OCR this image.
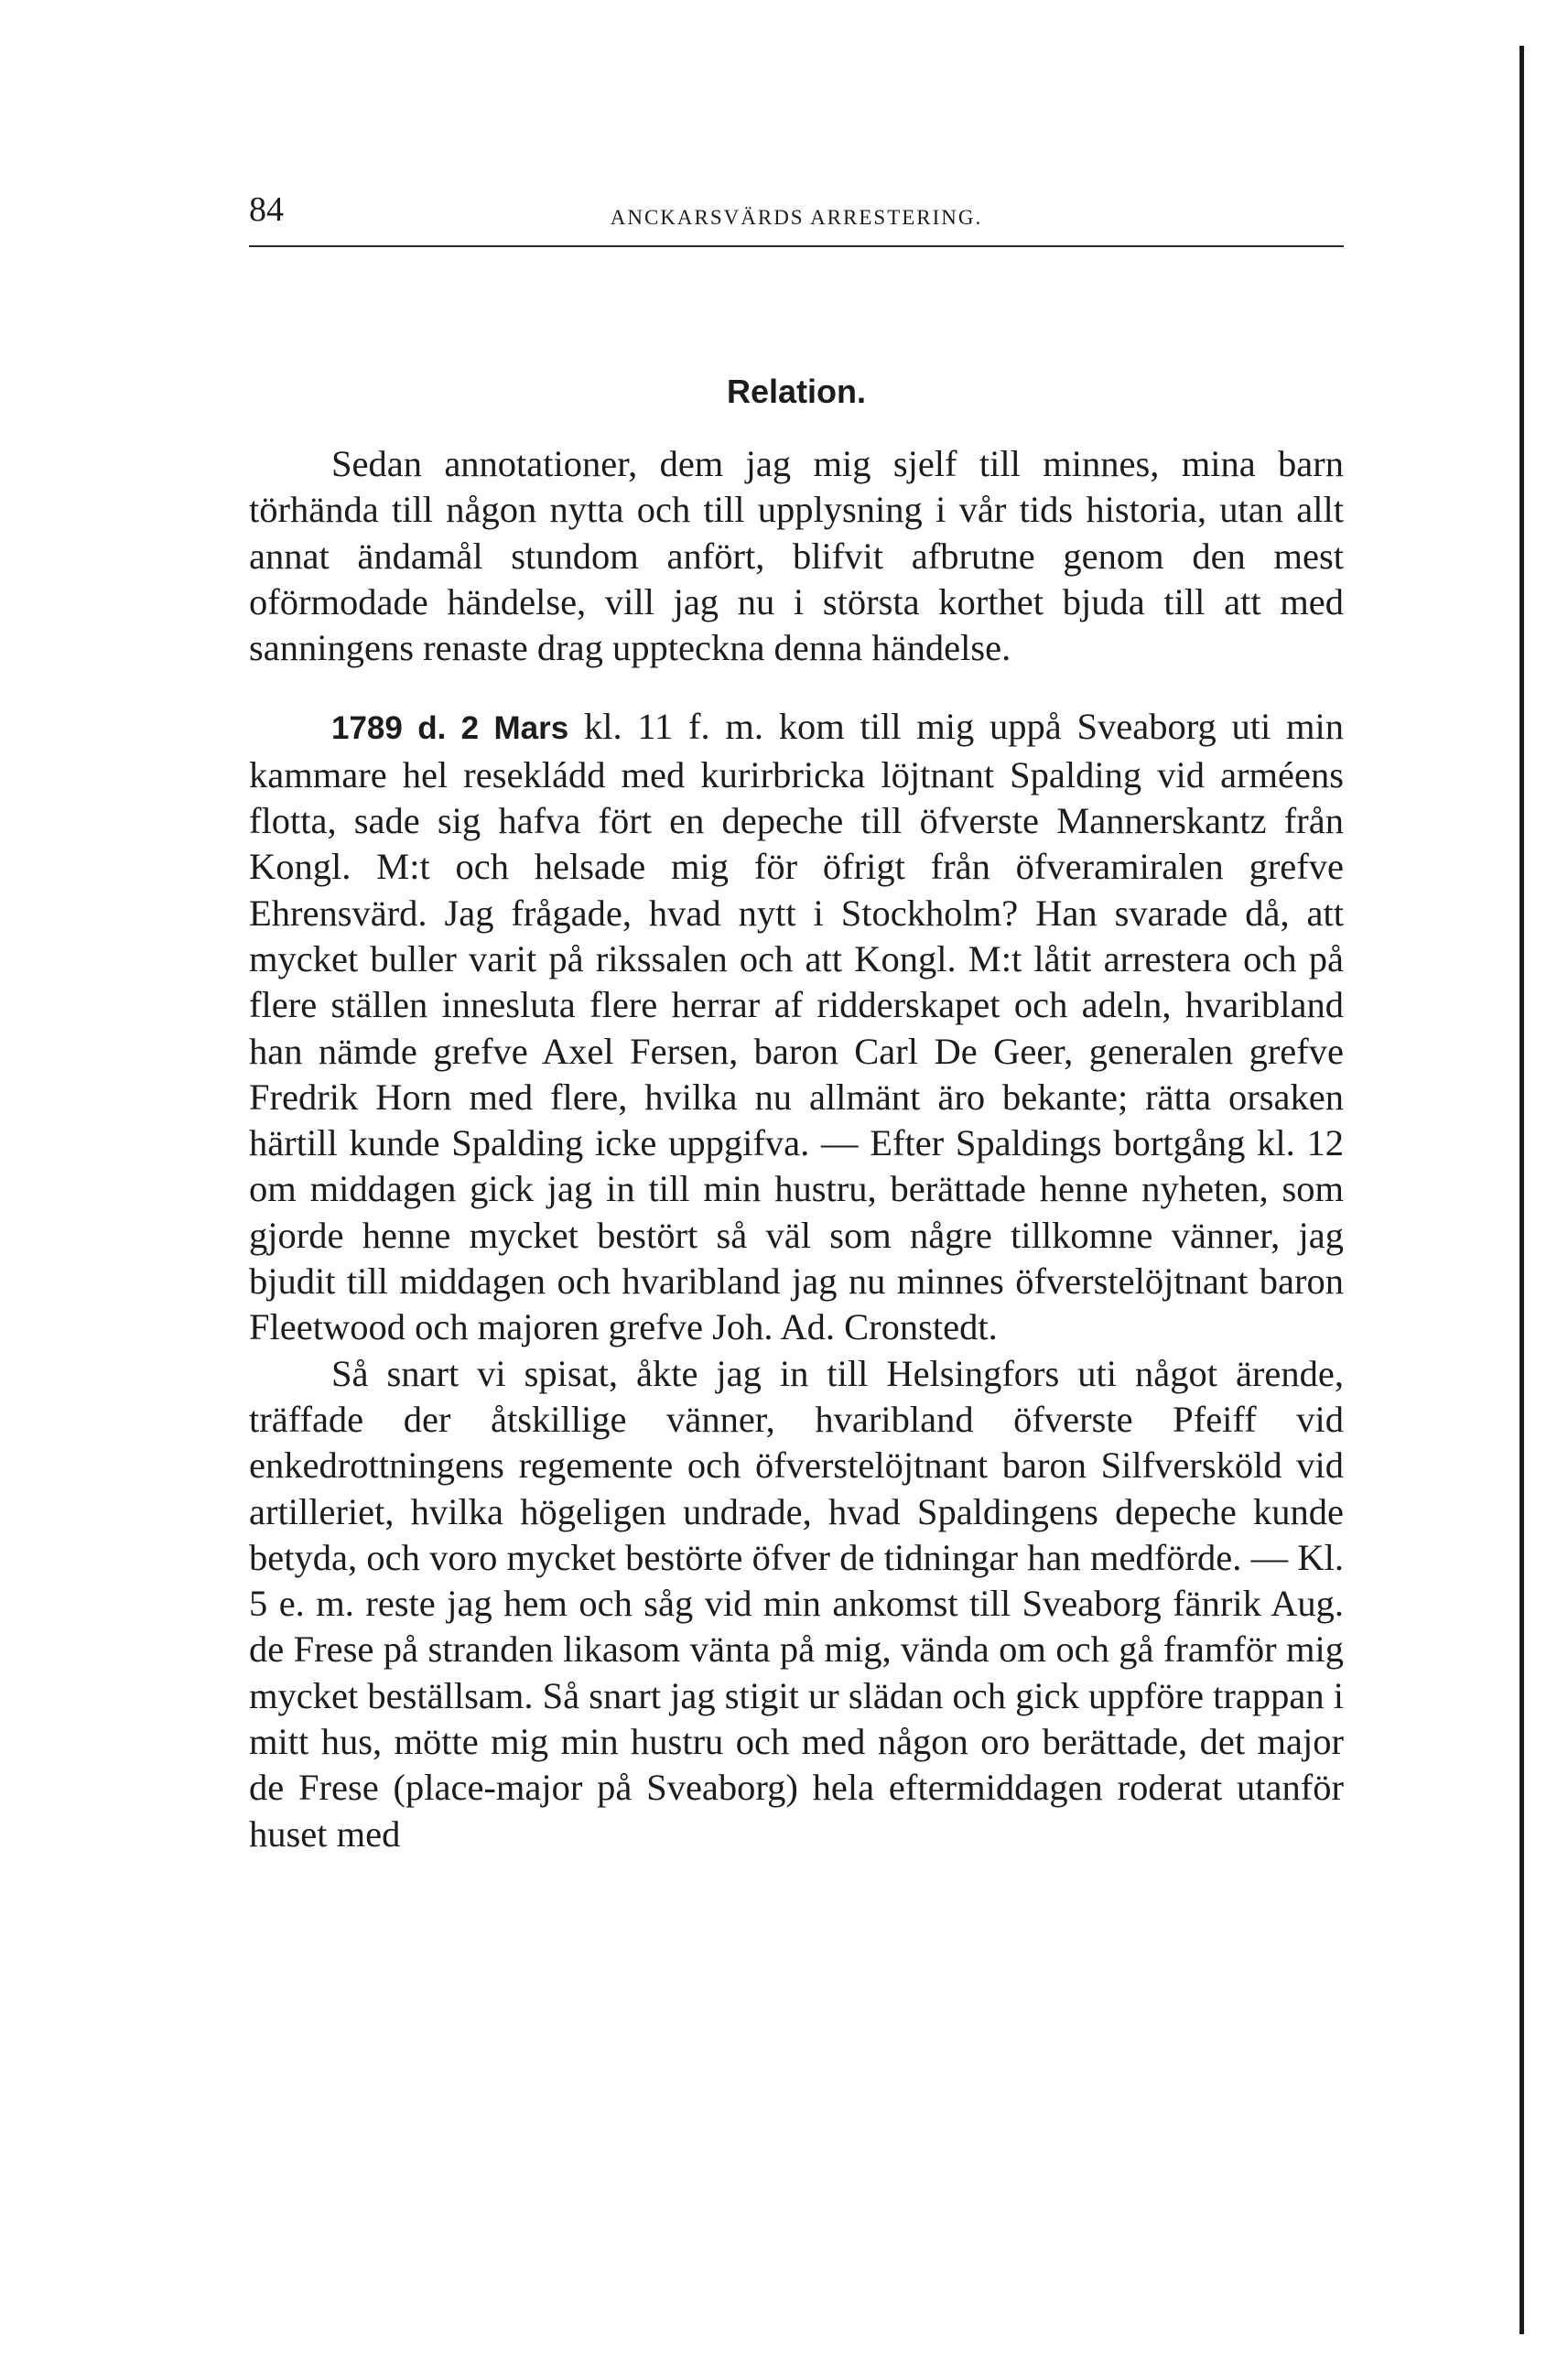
84	ANCKARSVÄRDS ARRESTERING.
Relation.

Sedan annotationer, dem jag mig sjelf till minnes, mina barn törhända till någon nytta och till upplysning i vår tids historia, utan allt annat ändamål stundom anfört, blifvit afbrutne genom den mest oförmodade händelse, vill jag nu i största korthet bjuda till att med sanningens renaste drag uppteckna denna händelse.

1789 d. 2 Mars kl. 11 f. m. kom till mig uppå Sveaborg uti min kammare hel resekládd med kurirbricka löjtnant Spalding vid arméens flotta, sade sig hafva fört en depeche till öfverste Mannerskantz från Kongl. M:t och helsade mig för öfrigt från öfveramiralen grefve Ehrensvärd. Jag frågade, hvad nytt i Stockholm? Han svarade då, att mycket buller varit på rikssalen och att Kongl. M:t låtit arrestera och på flere ställen innesluta flere herrar af ridderskapet och adeln, hvaribland han nämde grefve Axel Fersen, baron Carl De Geer, generalen grefve Fredrik Horn med flere, hvilka nu allmänt äro bekante; rätta orsaken härtill kunde Spalding icke uppgifva. — Efter Spaldings bortgång kl. 12 om middagen gick jag in till min hustru, berättade henne nyheten, som gjorde henne mycket bestört så väl som någre tillkomne vänner, jag bjudit till middagen och hvaribland jag nu minnes öfverstelöjtnant baron Fleetwood och majoren grefve Joh. Ad. Cronstedt.

Så snart vi spisat, åkte jag in till Helsingfors uti något ärende, träffade der åtskillige vänner, hvaribland öfverste Pfeiff vid enkedrottningens regemente och öfverstelöjtnant baron Silfversköld vid artilleriet, hvilka högeligen undrade, hvad Spaldingens depeche kunde betyda, och voro mycket bestörte öfver de tidningar han medförde. — Kl. 5 e. m. reste jag hem och såg vid min ankomst till Sveaborg fänrik Aug. de Frese på stranden likasom vänta på mig, vända om och gå framför mig mycket beställsam. Så snart jag stigit ur slädan och gick uppföre trappan i mitt hus, mötte mig min hustru och med någon oro berättade, det major de Frese (place-major på Sveaborg) hela eftermiddagen roderat utanför huset med
